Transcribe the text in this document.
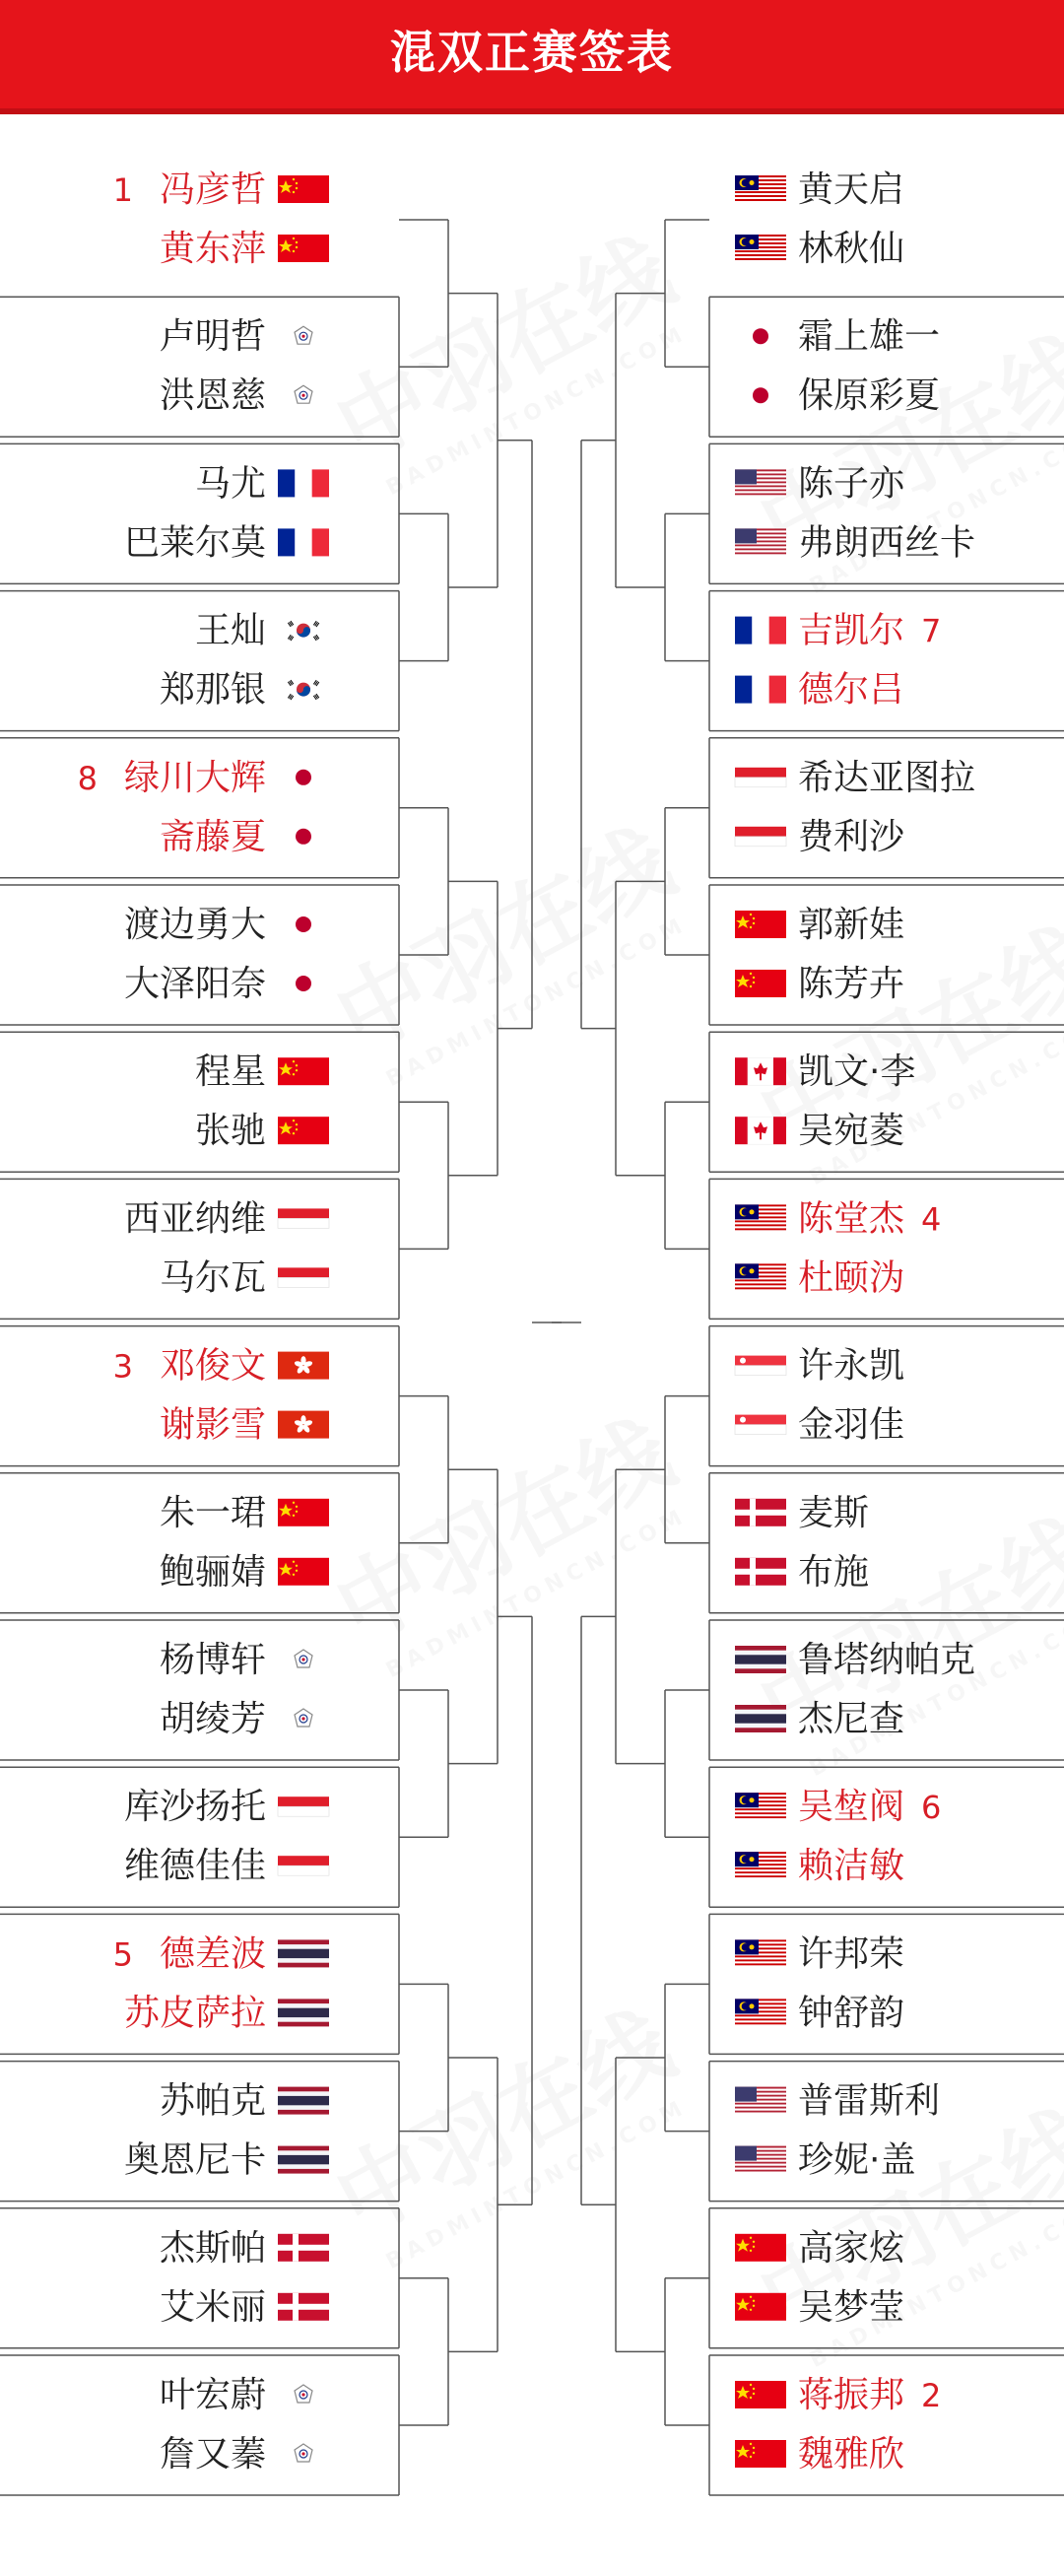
混双正赛签表
冯彦哲
1
黄东萍
卢明哲
洪恩慈
马尤
巴莱尔莫
王灿
郑那银
绿川大辉
8
斋藤夏
渡边勇大
大泽阳奈
程星
张驰
西亚纳维
马尔瓦
邓俊文
3
谢影雪
朱一珺
鲍骊婧
杨博轩
胡绫芳
库沙扬托
维德佳佳
德差波
5
苏皮萨拉
苏帕克
奥恩尼卡
杰斯帕
艾米丽
叶宏蔚
詹又蓁
黄天启
林秋仙
霜上雄一
保原彩夏
陈子亦
弗朗西丝卡
吉凯尔 7
德尔吕
希达亚图拉
费利沙
郭新娃
陈芳卉
凯文·李
吴宛菱
陈堂杰 4
杜颐沩
许永凯
金羽佳
麦斯
布施
鲁塔纳帕克
杰尼查
吴堏阀 6
赖洁敏
许邦荣
钟舒韵
普雷斯利
珍妮·盖
高家炫
吴梦莹
蒋振邦 2
魏雅欣
